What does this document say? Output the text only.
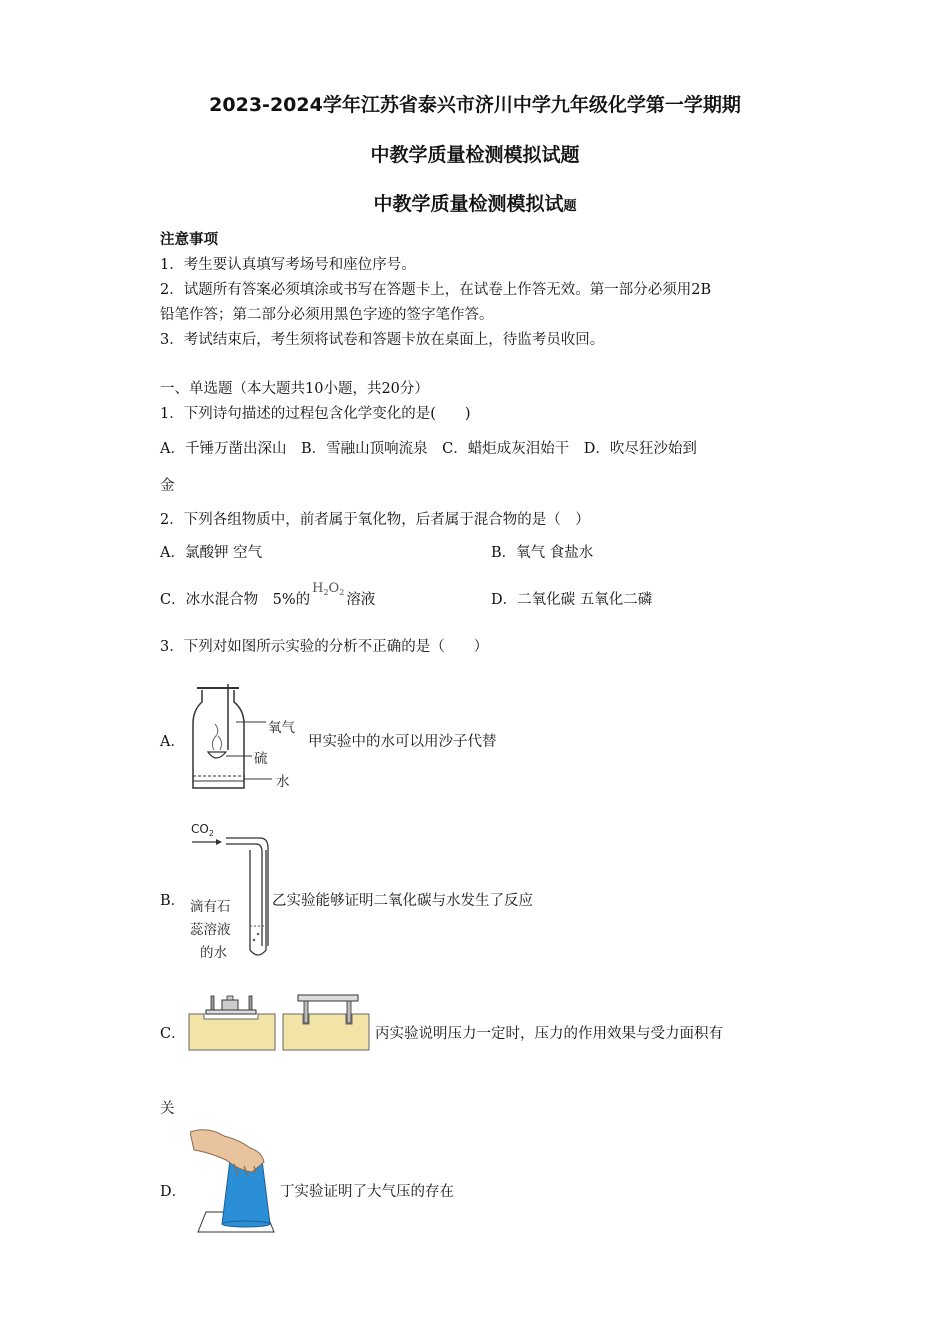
2023-2024学年江苏省泰兴市济川中学九年级化学第一学期期
中教学质量检测模拟试题
中教学质量检测模拟试题
注意事项
1．考生要认真填写考场号和座位序号。
2．试题所有答案必须填涂或书写在答题卡上，在试卷上作答无效。第一部分必须用2B
铅笔作答；第二部分必须用黑色字迹的签字笔作答。
3．考试结束后，考生须将试卷和答题卡放在桌面上，待监考员收回。
一、单选题（本大题共10小题，共20分）
1．下列诗句描述的过程包含化学变化的是(　　)
A．千锤万凿出深山　B．雪融山顶响流泉　C．蜡炬成灰泪始干　D．吹尽狂沙始到
金
2．下列各组物质中，前者属于氧化物，后者属于混合物的是（　）
A．氯酸钾 空气	B．氧气 食盐水
C．冰水混合物　5%的$H_2O_2$ 溶液	D．二氧化碳 五氧化二磷
3．下列对如图所示实验的分析不正确的是（　　）
A．
氧气
硫
水
甲实验中的水可以用沙子代替
B．
$CO_2$
滴有石
蕊溶液
的水
乙实验能够证明二氧化碳与水发生了反应
C．	丙实验说明压力一定时，压力的作用效果与受力面积有
关
D．	丁实验证明了大气压的存在
